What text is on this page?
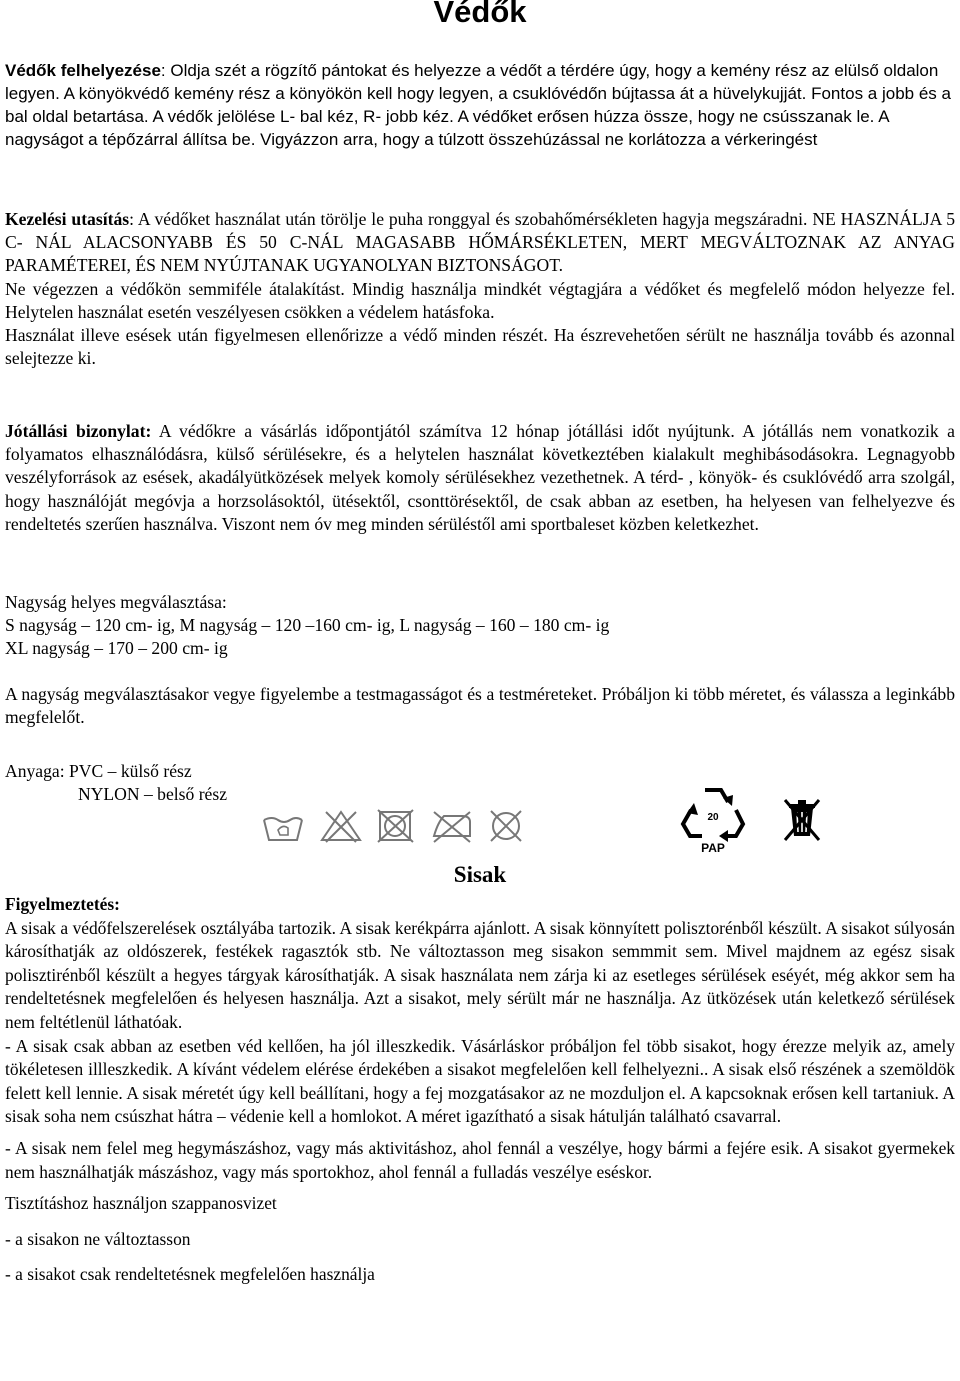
Védők

Védők felhelyezése: Oldja szét a rögzítő pántokat és helyezze a védőt a térdére úgy, hogy a kemény rész az elülső oldalon legyen. A könyökvédő kemény rész a könyökön kell hogy legyen, a csuklóvédőn bújtassa át a hüvelykujját. Fontos a jobb és a bal oldal betartása. A védők jelölése L- bal kéz, R- jobb kéz. A védőket erősen húzza össze, hogy ne csússzanak le. A nagyságot a tépőzárral állítsa be. Vigyázzon arra, hogy a túlzott összehúzással ne korlátozza a vérkeringést

Kezelési utasítás: A védőket használat után törölje le puha ronggyal és szobahőmérsékleten hagyja megszáradni. NE HASZNÁLJA 5 C- NÁL ALACSONYABB ÉS 50 C-NÁL MAGASABB HŐMÁRSÉKLETEN, MERT MEGVÁLTOZNAK AZ ANYAG PARAMÉTEREI, ÉS NEM NYÚJTANAK UGYANOLYAN BIZTONSÁGOT.

Ne végezzen a védőkön semmiféle átalakítást. Mindig használja mindkét végtagjára a védőket és megfelelő módon helyezze fel. Helytelen használat esetén veszélyesen csökken a védelem hatásfoka.

Használat illeve esések után figyelmesen ellenőrizze a védő minden részét. Ha észrevehetően sérült ne használja tovább és azonnal selejtezze ki.

Jótállási bizonylat: A védőkre a vásárlás időpontjától számítva 12 hónap jótállási időt nyújtunk. A jótállás nem vonatkozik a folyamatos elhasználódásra, külső sérülésekre, és a helytelen használat következtében kialakult meghibásodásokra. Legnagyobb veszélyforrások az esések, akadályütközések melyek komoly sérülésekhez vezethetnek. A térd- , könyök- és csuklóvédő arra szolgál, hogy használóját megóvja a horzsolásoktól, ütésektől, csonttörésektől, de csak abban az esetben, ha helyesen van felhelyezve és rendeltetés szerűen használva. Viszont nem óv meg minden sérüléstől ami sportbaleset közben keletkezhet.

Nagyság helyes megválasztása:

S nagyság – 120 cm- ig, M nagyság – 120 –160 cm- ig, L nagyság – 160 – 180 cm- ig

XL nagyság – 170 – 200 cm- ig

A nagyság megválasztásakor vegye figyelembe a testmagasságot és a testméreteket. Próbáljon ki több méretet, és válassza a leginkább megfelelőt.

Anyaga: PVC – külső rész

NYLON – belső rész

20
PAP
Sisak

Figyelmeztetés:

A sisak a védőfelszerelések osztályába tartozik. A sisak kerékpárra ajánlott. A sisak könnyített polisztorénből készült. A sisakot súlyosán károsíthatják az oldószerek, festékek ragasztók stb. Ne változtasson meg sisakon semmmit sem. Mivel majdnem az egész sisak polisztirénből készült a hegyes tárgyak károsíthatják. A sisak használata nem zárja ki az esetleges sérülések eséyét, még akkor sem ha rendeltetésnek megfelelően és helyesen használja. Azt a sisakot, mely sérült már ne használja. Az ütközések után keletkező sérülések nem feltétlenül láthatóak.

- A sisak csak abban az esetben véd kellően, ha jól illeszkedik. Vásárláskor próbáljon fel több sisakot, hogy érezze melyik az, amely tökéletesen illleszkedik. A kívánt védelem elérése érdekében a sisakot megfelelően kell felhelyezni.. A sisak első részének a szemöldök felett kell lennie. A sisak méretét úgy kell beállítani, hogy a fej mozgatásakor az ne mozduljon el. A kapcsoknak erősen kell tartaniuk. A sisak soha nem csúszhat hátra – védenie kell a homlokot. A méret igazítható a sisak hátulján található csavarral.

- A sisak nem felel meg hegymászáshoz, vagy más aktivitáshoz, ahol fennál a veszélye, hogy bármi a fejére esik. A sisakot gyermekek nem használhatják mászáshoz, vagy más sportokhoz, ahol fennál a fulladás veszélye eséskor.

Tisztításhoz használjon szappanosvizet

- a sisakon ne változtasson

- a sisakot csak rendeltetésnek megfelelően használja
